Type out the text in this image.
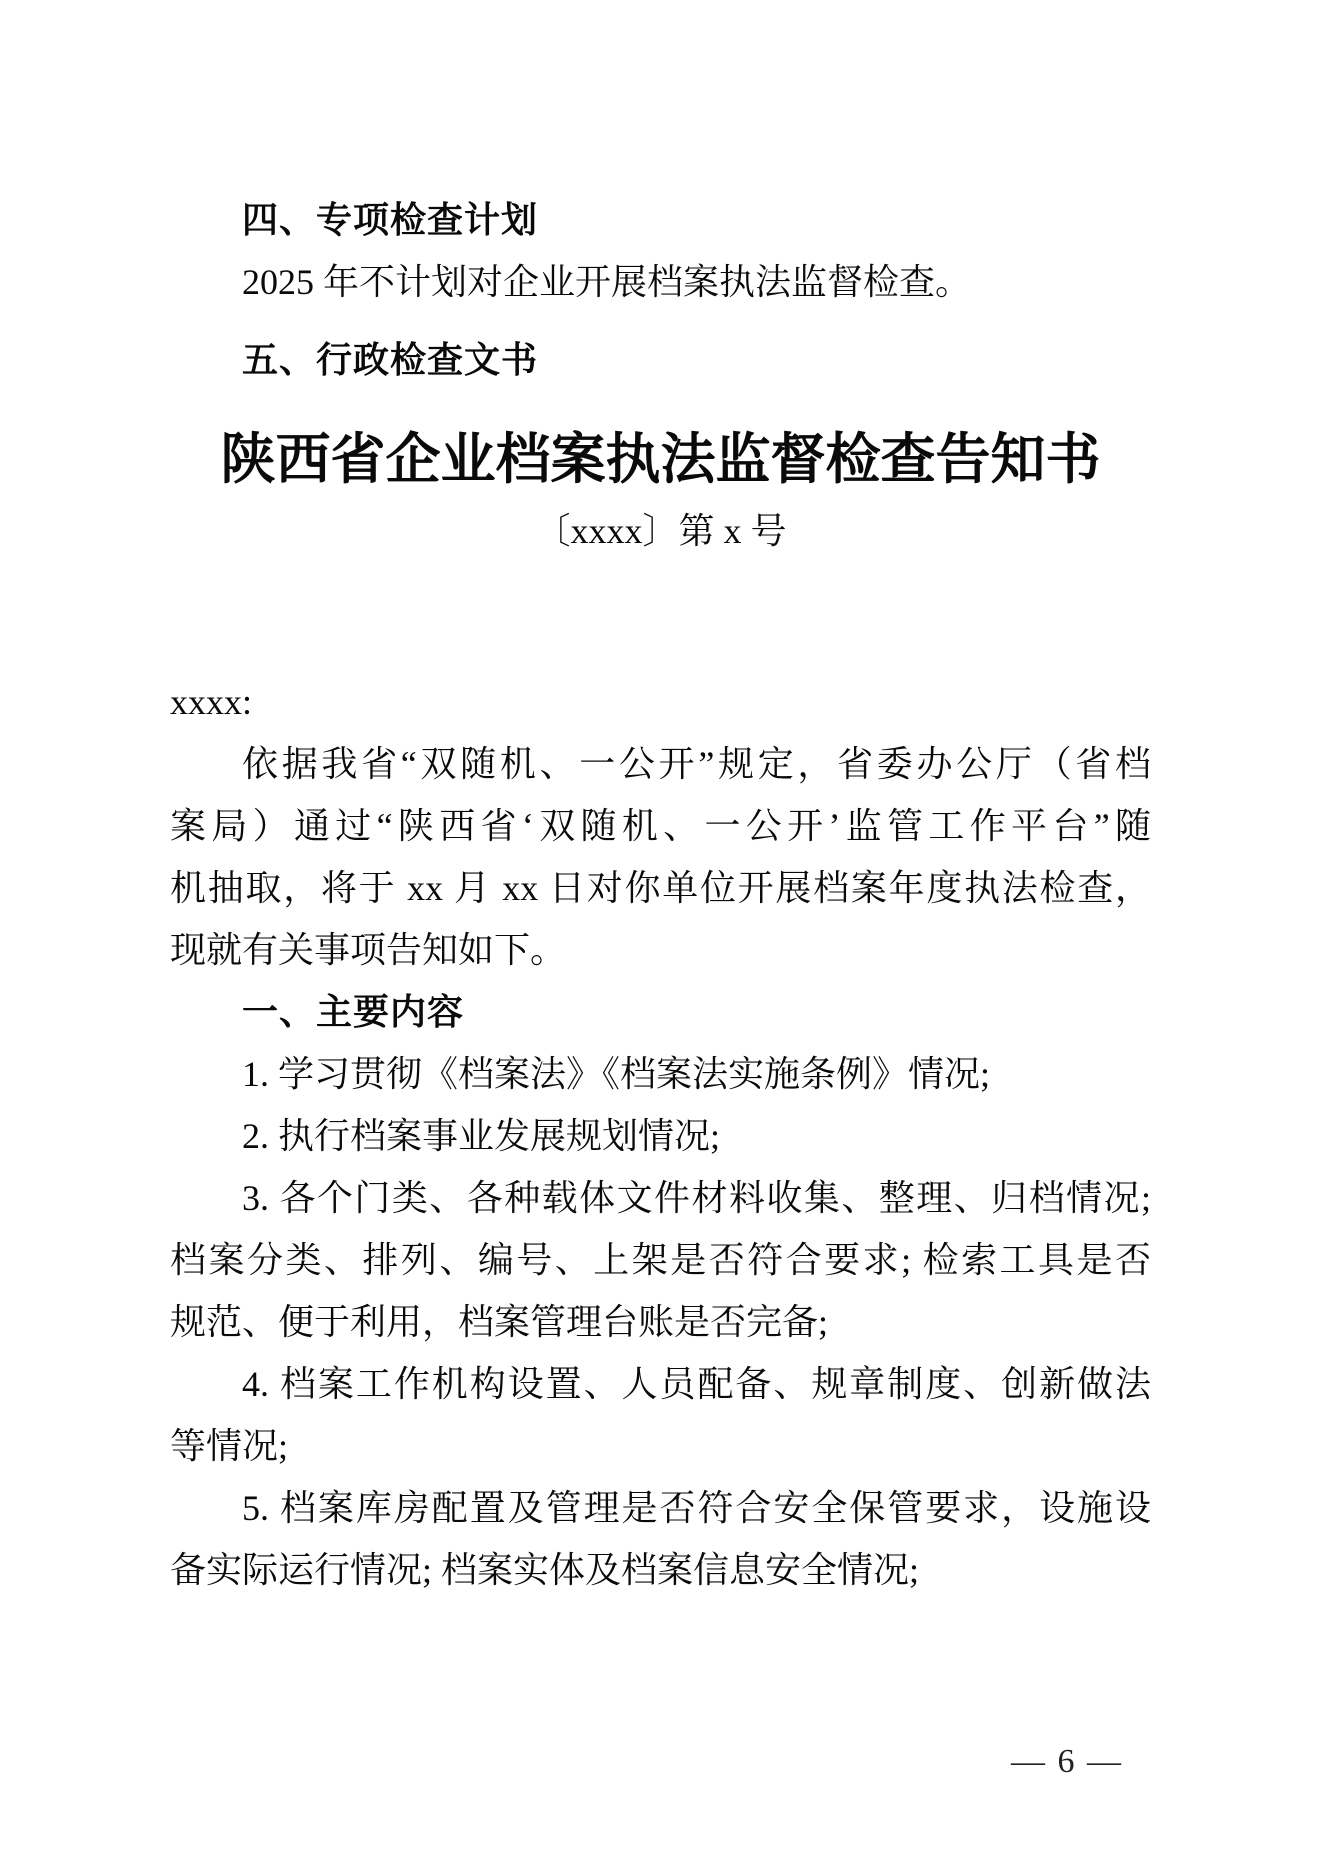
四、专项检查计划
2025 年不计划对企业开展档案执法监督检查。
五、行政检查文书
陕西省企业档案执法监督检查告知书
〔xxxx〕第 x 号
xxxx:
依据我省“双随机、一公开”规定，省委办公厅（省档
案局）通过“陕西省‘双随机、一公开’监管工作平台”随
机抽取，将于 xx 月 xx 日对你单位开展档案年度执法检查，
现就有关事项告知如下。
一、主要内容
1. 学习贯彻《档案法》《档案法实施条例》情况;
2. 执行档案事业发展规划情况;
3. 各个门类、各种载体文件材料收集、整理、归档情况;
档案分类、排列、编号、上架是否符合要求; 检索工具是否
规范、便于利用，档案管理台账是否完备;
4. 档案工作机构设置、人员配备、规章制度、创新做法
等情况;
5. 档案库房配置及管理是否符合安全保管要求，设施设
备实际运行情况; 档案实体及档案信息安全情况;
— 6 —
